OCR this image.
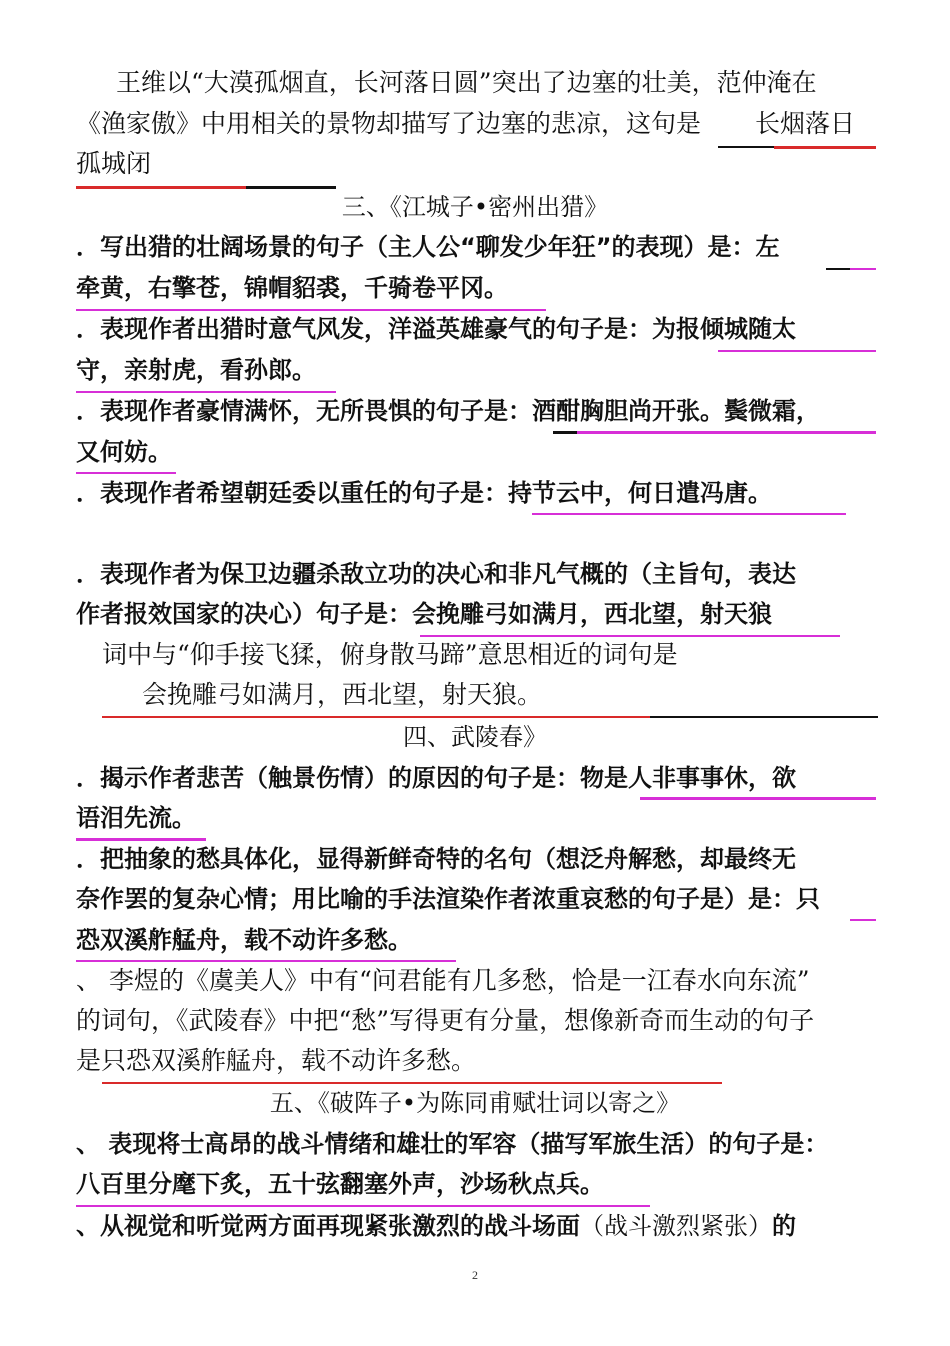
王维以“大漠孤烟直，长河落日圆”突出了边塞的壮美，范仲淹在
《渔家傲》中用相关的景物却描写了边塞的悲凉，这句是 长烟落日
孤城闭
三、《江城子•密州出猎》
．写出猎的壮阔场景的句子（主人公“聊发少年狂”的表现）是：左
牵黄，右擎苍，锦帽貂裘，千骑卷平冈。
．表现作者出猎时意气风发，洋溢英雄豪气的句子是：为报倾城随太
守，亲射虎，看孙郎。
．表现作者豪情满怀，无所畏惧的句子是：酒酣胸胆尚开张。鬓微霜，
又何妨。
．表现作者希望朝廷委以重任的句子是：持节云中，何日遣冯唐。
．表现作者为保卫边疆杀敌立功的决心和非凡气概的（主旨句，表达
作者报效国家的决心）句子是：会挽雕弓如满月，西北望，射天狼
词中与“仰手接飞猱，俯身散马蹄”意思相近的词句是
会挽雕弓如满月，西北望，射天狼。
四、武陵春》
．揭示作者悲苦（触景伤情）的原因的句子是：物是人非事事休，欲
语泪先流。
．把抽象的愁具体化，显得新鲜奇特的名句（想泛舟解愁，却最终无
奈作罢的复杂心情；用比喻的手法渲染作者浓重哀愁的句子是）是：只
恐双溪舴艋舟，载不动许多愁。
、 李煜的《虞美人》中有“问君能有几多愁，恰是一江春水向东流”
的词句，《武陵春》中把“愁”写得更有分量，想像新奇而生动的句子
是只恐双溪舴艋舟，载不动许多愁。
五、《破阵子•为陈同甫赋壮词以寄之》
、 表现将士高昂的战斗情绪和雄壮的军容（描写军旅生活）的句子是：
八百里分麾下炙，五十弦翻塞外声，沙场秋点兵。
、从视觉和听觉两方面再现紧张激烈的战斗场面（战斗激烈紧张）的
2
